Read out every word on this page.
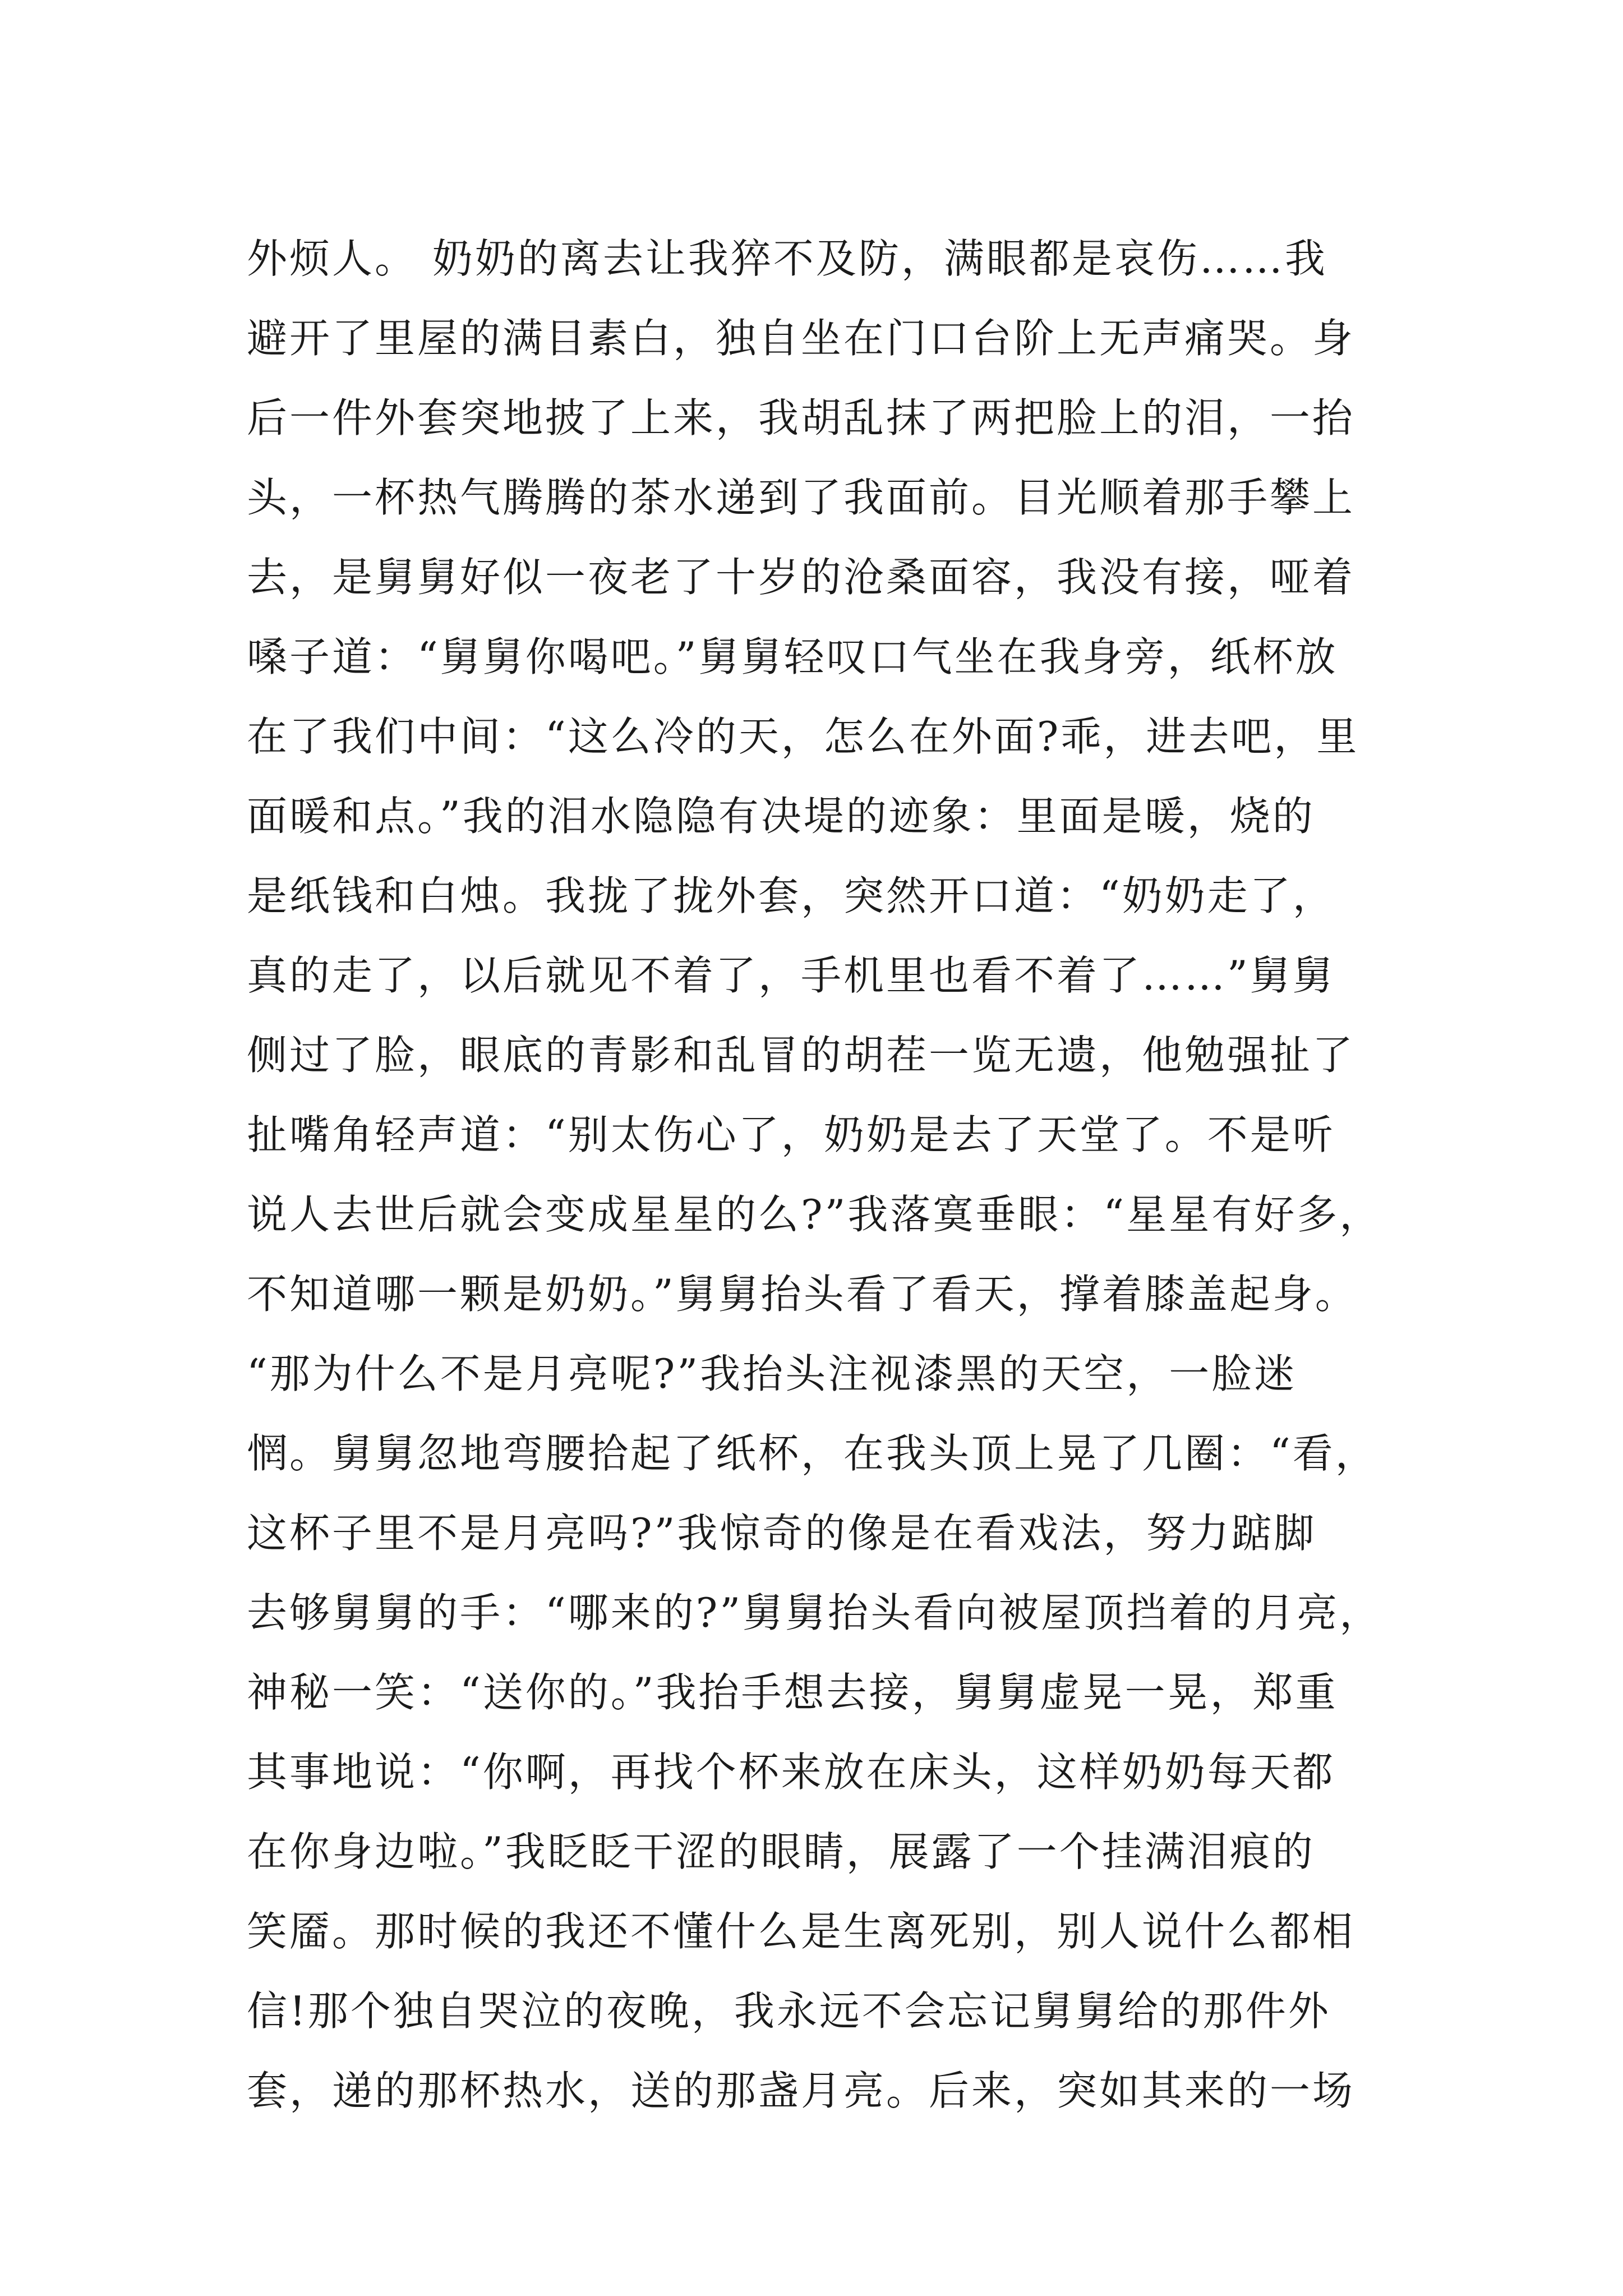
外烦人。 奶奶的离去让我猝不及防，满眼都是哀伤……我
避开了里屋的满目素白，独自坐在门口台阶上无声痛哭。身
后一件外套突地披了上来，我胡乱抹了两把脸上的泪，一抬
头，一杯热气腾腾的茶水递到了我面前。目光顺着那手攀上
去，是舅舅好似一夜老了十岁的沧桑面容，我没有接，哑着
嗓子道：“舅舅你喝吧。”舅舅轻叹口气坐在我身旁，纸杯放
在了我们中间：“这么冷的天，怎么在外面?乖，进去吧，里
面暖和点。”我的泪水隐隐有决堤的迹象：里面是暖，烧的
是纸钱和白烛。我拢了拢外套，突然开口道：“奶奶走了，
真的走了，以后就见不着了，手机里也看不着了……”舅舅
侧过了脸，眼底的青影和乱冒的胡茬一览无遗，他勉强扯了
扯嘴角轻声道：“别太伤心了，奶奶是去了天堂了。不是听
说人去世后就会变成星星的么?”我落寞垂眼：“星星有好多，
不知道哪一颗是奶奶。”舅舅抬头看了看天，撑着膝盖起身。
“那为什么不是月亮呢?”我抬头注视漆黑的天空，一脸迷
惘。舅舅忽地弯腰拾起了纸杯，在我头顶上晃了几圈：“看，
这杯子里不是月亮吗?”我惊奇的像是在看戏法，努力踮脚
去够舅舅的手：“哪来的?”舅舅抬头看向被屋顶挡着的月亮，
神秘一笑：“送你的。”我抬手想去接，舅舅虚晃一晃，郑重
其事地说：“你啊，再找个杯来放在床头，这样奶奶每天都
在你身边啦。”我眨眨干涩的眼睛，展露了一个挂满泪痕的
笑靥。那时候的我还不懂什么是生离死别，别人说什么都相
信!那个独自哭泣的夜晚，我永远不会忘记舅舅给的那件外
套，递的那杯热水，送的那盏月亮。后来，突如其来的一场
